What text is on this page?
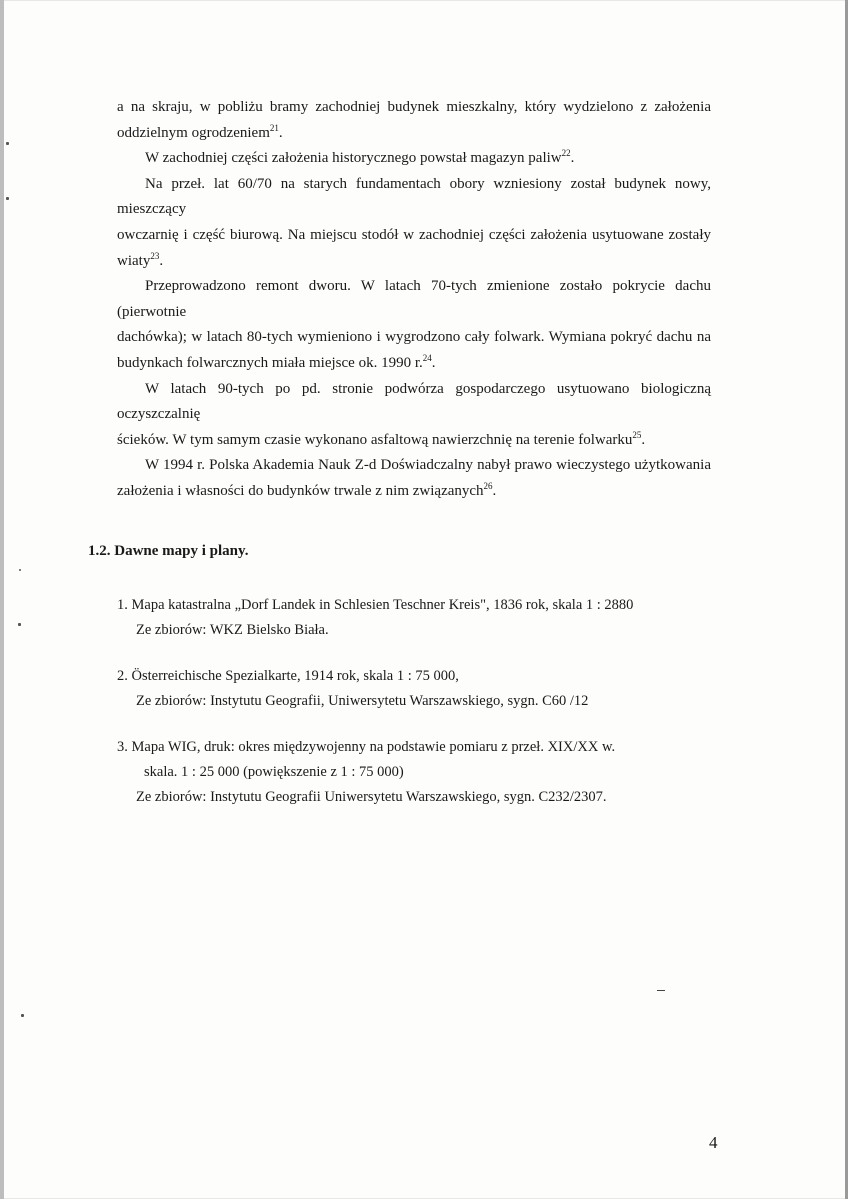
a na skraju, w pobliżu bramy zachodniej budynek mieszkalny, który wydzielono z założenia

oddzielnym ogrodzeniem$^{21}$.

W zachodniej części założenia historycznego powstał magazyn paliw$^{22}$.

Na przeł. lat 60/70 na starych fundamentach obory wzniesiony został budynek nowy, mieszczący

owczarnię i część biurową. Na miejscu stodół w zachodniej części założenia usytuowane zostały

wiaty$^{23}$.

Przeprowadzono remont dworu. W latach 70-tych zmienione zostało pokrycie dachu (pierwotnie

dachówka); w latach 80-tych wymieniono i wygrodzono cały folwark. Wymiana pokryć dachu na

budynkach folwarcznych miała miejsce ok. 1990 r.$^{24}$.

W latach 90-tych po pd. stronie podwórza gospodarczego usytuowano biologiczną oczyszczalnię

ścieków. W tym samym czasie wykonano asfaltową nawierzchnię na terenie folwarku$^{25}$.

W 1994 r. Polska Akademia Nauk Z-d Doświadczalny nabył prawo wieczystego użytkowania

założenia i własności do budynków trwale z nim związanych$^{26}$.

1.2. Dawne mapy i plany.
1. Mapa katastralna „Dorf Landek in Schlesien Teschner Kreis", 1836 rok, skala 1 : 2880
Ze zbiorów: WKZ Bielsko Biała.
2. Österreichische Spezialkarte, 1914 rok, skala 1 : 75 000,
Ze zbiorów: Instytutu Geografii, Uniwersytetu Warszawskiego, sygn. C60 /12
3. Mapa WIG, druk: okres międzywojenny na podstawie pomiaru z przeł. XIX/XX w.
skala. 1 : 25 000 (powiększenie z 1 : 75 000)
Ze zbiorów: Instytutu Geografii Uniwersytetu Warszawskiego, sygn. C232/2307.
4
